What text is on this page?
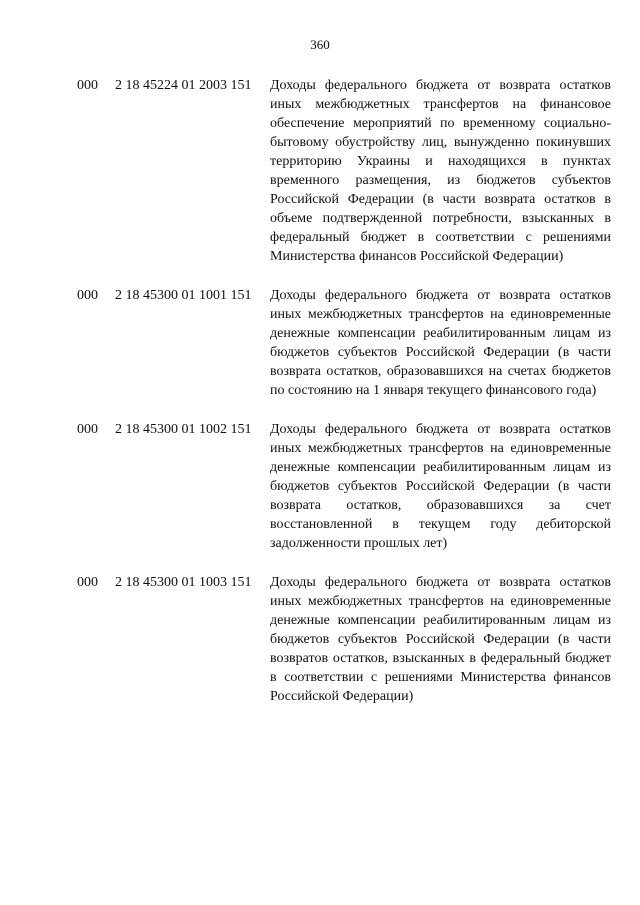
360
000	2 18 45224 01 2003 151	Доходы федерального бюджета от возврата остатков иных межбюджетных трансфертов на финансовое обеспечение мероприятий по временному социально-бытовому обустройству лиц, вынужденно покинувших территорию Украины и находящихся в пунктах временного размещения, из бюджетов субъектов Российской Федерации (в части возврата остатков в объеме подтвержденной потребности, взысканных в федеральный бюджет в соответствии с решениями Министерства финансов Российской Федерации)
000	2 18 45300 01 1001 151	Доходы федерального бюджета от возврата остатков иных межбюджетных трансфертов на единовременные денежные компенсации реабилитированным лицам из бюджетов субъектов Российской Федерации (в части возврата остатков, образовавшихся на счетах бюджетов по состоянию на 1 января текущего финансового года)
000	2 18 45300 01 1002 151	Доходы федерального бюджета от возврата остатков иных межбюджетных трансфертов на единовременные денежные компенсации реабилитированным лицам из бюджетов субъектов Российской Федерации (в части возврата остатков, образовавшихся за счет восстановленной в текущем году дебиторской задолженности прошлых лет)
000	2 18 45300 01 1003 151	Доходы федерального бюджета от возврата остатков иных межбюджетных трансфертов на единовременные денежные компенсации реабилитированным лицам из бюджетов субъектов Российской Федерации (в части возвратов остатков, взысканных в федеральный бюджет в соответствии с решениями Министерства финансов Российской Федерации)
